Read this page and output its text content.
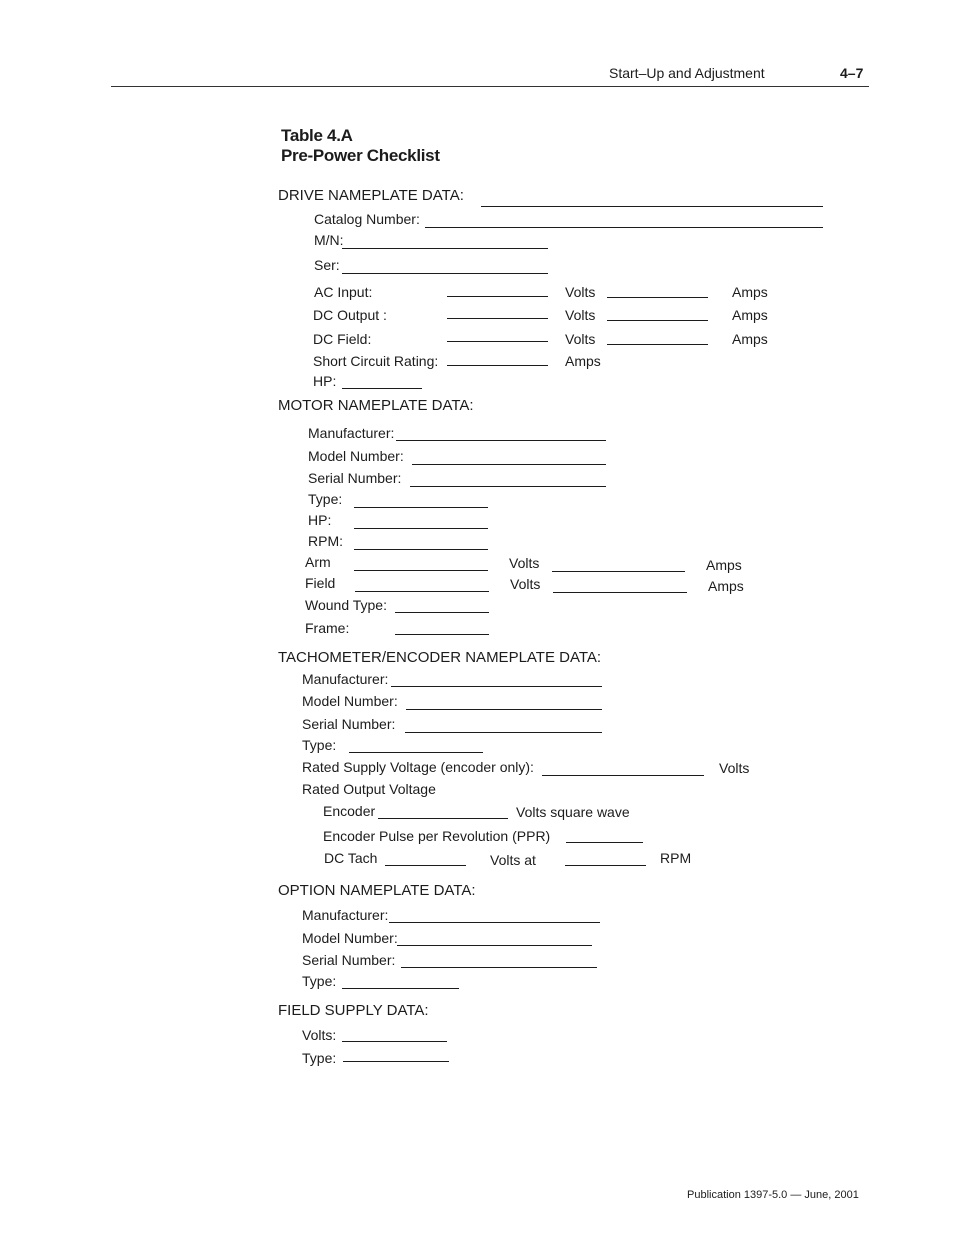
Start–Up and Adjustment	4–7
Table 4.A
Pre-Power Checklist
DRIVE NAMEPLATE DATA:
Catalog Number:
M/N:
Ser:
AC Input:	Volts	Amps
DC Output :	Volts	Amps
DC Field:	Volts	Amps
Short Circuit Rating:	Amps
HP:
MOTOR NAMEPLATE DATA:
Manufacturer:
Model Number:
Serial Number:
Type:
HP:
RPM:
Arm	Volts	Amps
Field	Volts	Amps
Wound Type:
Frame:
TACHOMETER/ENCODER NAMEPLATE DATA:
Manufacturer:
Model Number:
Serial Number:
Type:
Rated Supply Voltage (encoder only):	Volts
Rated Output Voltage
Encoder	Volts square wave
Encoder Pulse per Revolution (PPR)
DC Tach	Volts at	RPM
OPTION NAMEPLATE DATA:
Manufacturer:
Model Number:
Serial Number:
Type:
FIELD SUPPLY DATA:
Volts:
Type:
Publication 1397-5.0 — June, 2001
